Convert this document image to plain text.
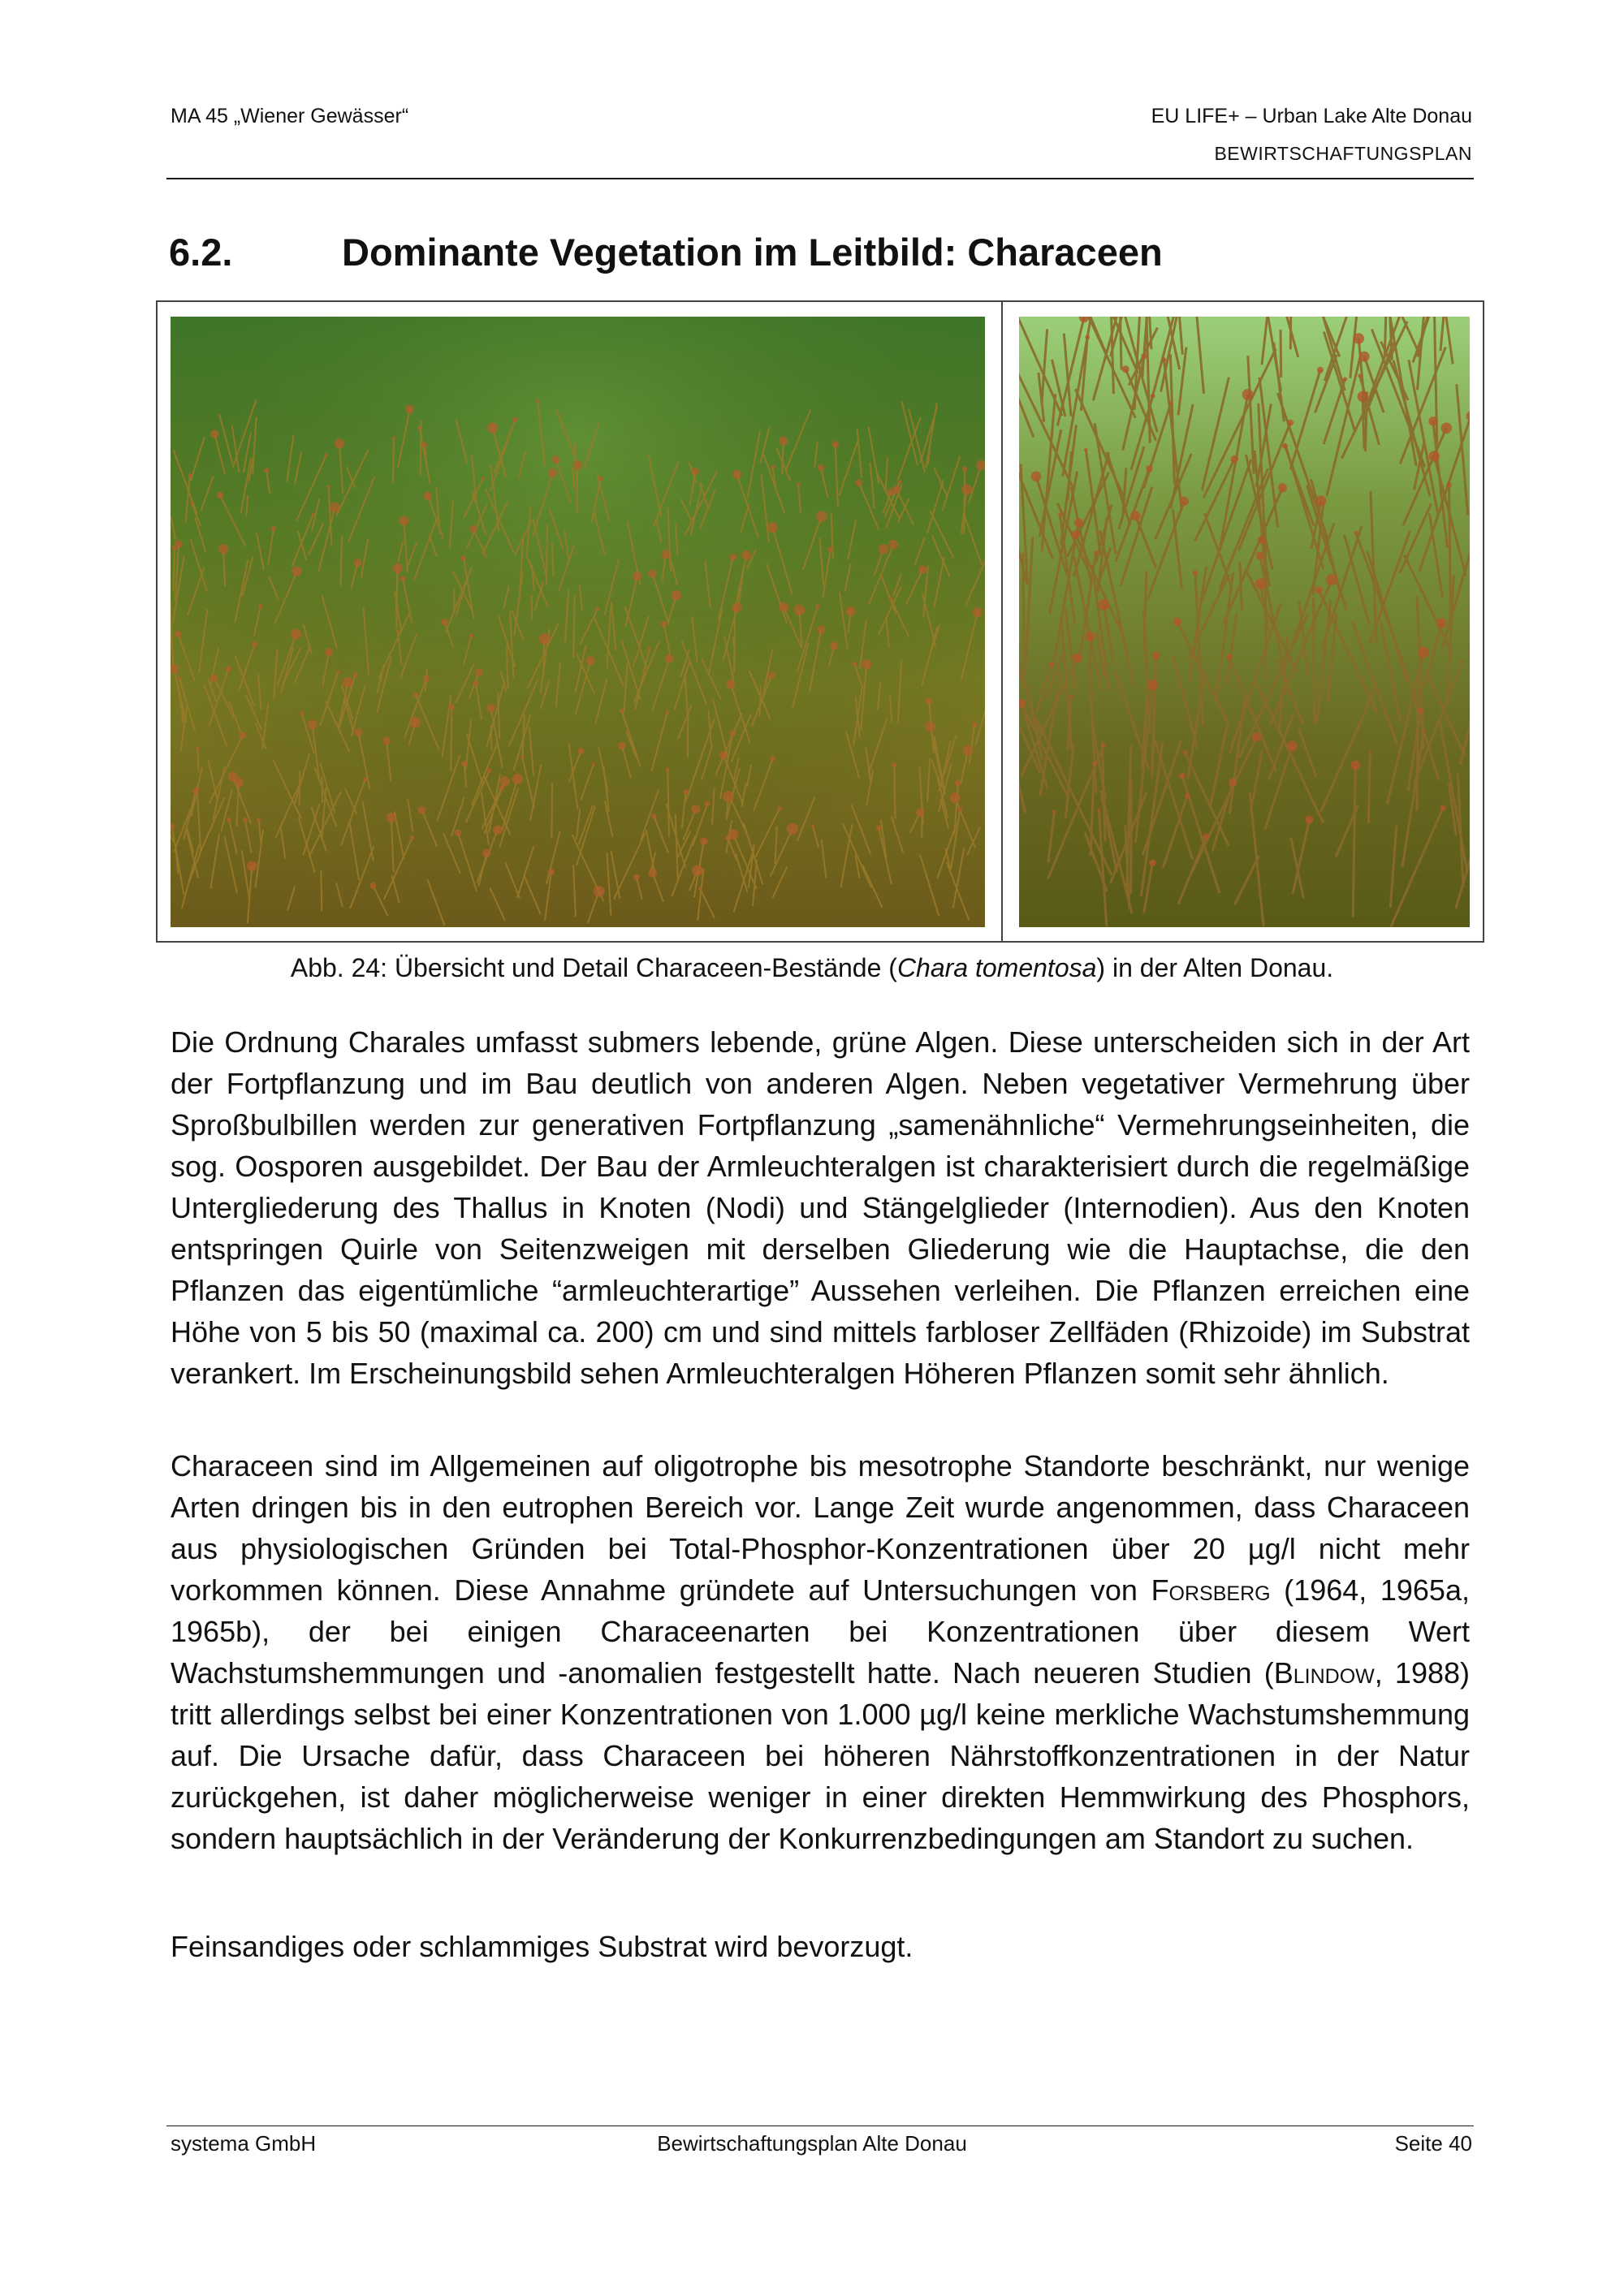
MA 45 „Wiener Gewässer“	EU LIFE+ – Urban Lake Alte Donau
BEWIRTSCHAFTUNGSPLAN
6.2.	Dominante Vegetation im Leitbild: Characeen
Abb. 24: Übersicht und Detail Characeen-Bestände (Chara tomentosa) in der Alten Donau.
Die Ordnung Charales umfasst submers lebende, grüne Algen. Diese unterscheiden sich in der Art der Fortpflanzung und im Bau deutlich von anderen Algen. Neben vegetativer Vermehrung über Sproßbulbillen werden zur generativen Fortpflanzung „samenähnliche“ Vermehrungseinheiten, die sog. Oosporen ausgebildet. Der Bau der Armleuchteralgen ist charakterisiert durch die regelmäßige Untergliederung des Thallus in Knoten (Nodi) und Stängelglieder (Internodien). Aus den Knoten entspringen Quirle von Seitenzweigen mit derselben Gliederung wie die Hauptachse, die den Pflanzen das eigentümliche “armleuchterartige” Aussehen verleihen. Die Pflanzen erreichen eine Höhe von 5 bis 50 (maximal ca. 200) cm und sind mittels farbloser Zellfäden (Rhizoide) im Substrat verankert. Im Erscheinungsbild sehen Armleuchteralgen Höheren Pflanzen somit sehr ähnlich.
Characeen sind im Allgemeinen auf oligotrophe bis mesotrophe Standorte beschränkt, nur wenige Arten dringen bis in den eutrophen Bereich vor. Lange Zeit wurde angenommen, dass Characeen aus physiologischen Gründen bei Total-Phosphor-Konzentrationen über 20 µg/l nicht mehr vorkommen können. Diese Annahme gründete auf Untersuchungen von Forsberg (1964, 1965a, 1965b), der bei einigen Characeenarten bei Konzentrationen über diesem Wert Wachstumshemmungen und -anomalien festgestellt hatte. Nach neueren Studien (Blindow, 1988) tritt allerdings selbst bei einer Konzentrationen von 1.000 µg/l keine merkliche Wachstumshemmung auf. Die Ursache dafür, dass Characeen bei höheren Nährstoffkonzentrationen in der Natur zurückgehen, ist daher möglicherweise weniger in einer direkten Hemmwirkung des Phosphors, sondern hauptsächlich in der Veränderung der Konkurrenzbedingungen am Standort zu suchen.
Feinsandiges oder schlammiges Substrat wird bevorzugt.
systema GmbH	Bewirtschaftungsplan Alte Donau	Seite 40
